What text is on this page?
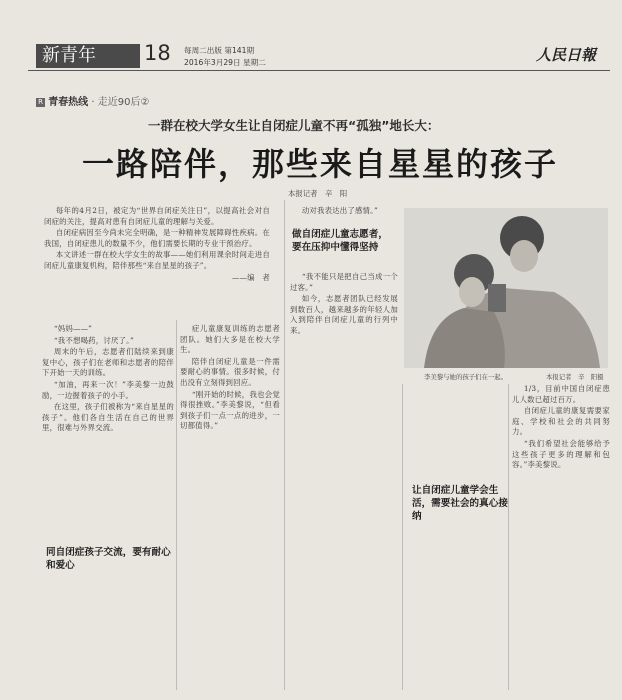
新青年	18 每周二出版 第141期
2016年3月29日 星期二	人民日報
R 青春热线 · 走近90后②
一群在校大学女生让自闭症儿童不再“孤独”地长大：
一路陪伴，那些来自星星的孩子
本报记者　辛　阳

每年的4月2日，被定为“世界自闭症关注日”，以提高社会对自闭症的关注，提高对患有自闭症儿童的理解与关爱。

自闭症病因至今尚未完全明确，是一种精神发展障碍性疾病。在我国，自闭症患儿的数量不少，他们需要长期的专业干预治疗。

本文讲述一群在校大学女生的故事——她们利用课余时间走进自闭症儿童康复机构，陪伴那些“来自星星的孩子”。

——编　者
李美黎与她的孩子们在一起。	本报记者　辛　阳摄

“妈妈——”

“我不想喝药，讨厌了。”

周末的午后，志愿者们陆续来到康复中心，孩子们在老师和志愿者的陪伴下开始一天的训练。

“加油，再来一次！”李美黎一边鼓励，一边握着孩子的小手。

在这里，孩子们被称为“来自星星的孩子”。他们各自生活在自己的世界里，很难与外界交流。

同自闭症孩子交流，要有耐心和爱心

症儿童康复训练的志愿者团队。她们大多是在校大学生。

陪伴自闭症儿童是一件需要耐心的事情。很多时候，付出没有立刻得到回应。

“刚开始的时候，我也会觉得很挫败。”李美黎说，“但看到孩子们一点一点的进步，一切都值得。”

动对我表达出了感情。”

做自闭症儿童志愿者，要在压抑中懂得坚持

“我不能只是把自己当成一个过客。”

如今，志愿者团队已经发展到数百人，越来越多的年轻人加入到陪伴自闭症儿童的行列中来。

让自闭症儿童学会生活，需要社会的真心接纳

1/3，目前中国自闭症患儿人数已超过百万。

自闭症儿童的康复需要家庭、学校和社会的共同努力。

“我们希望社会能够给予这些孩子更多的理解和包容。”李美黎说。
